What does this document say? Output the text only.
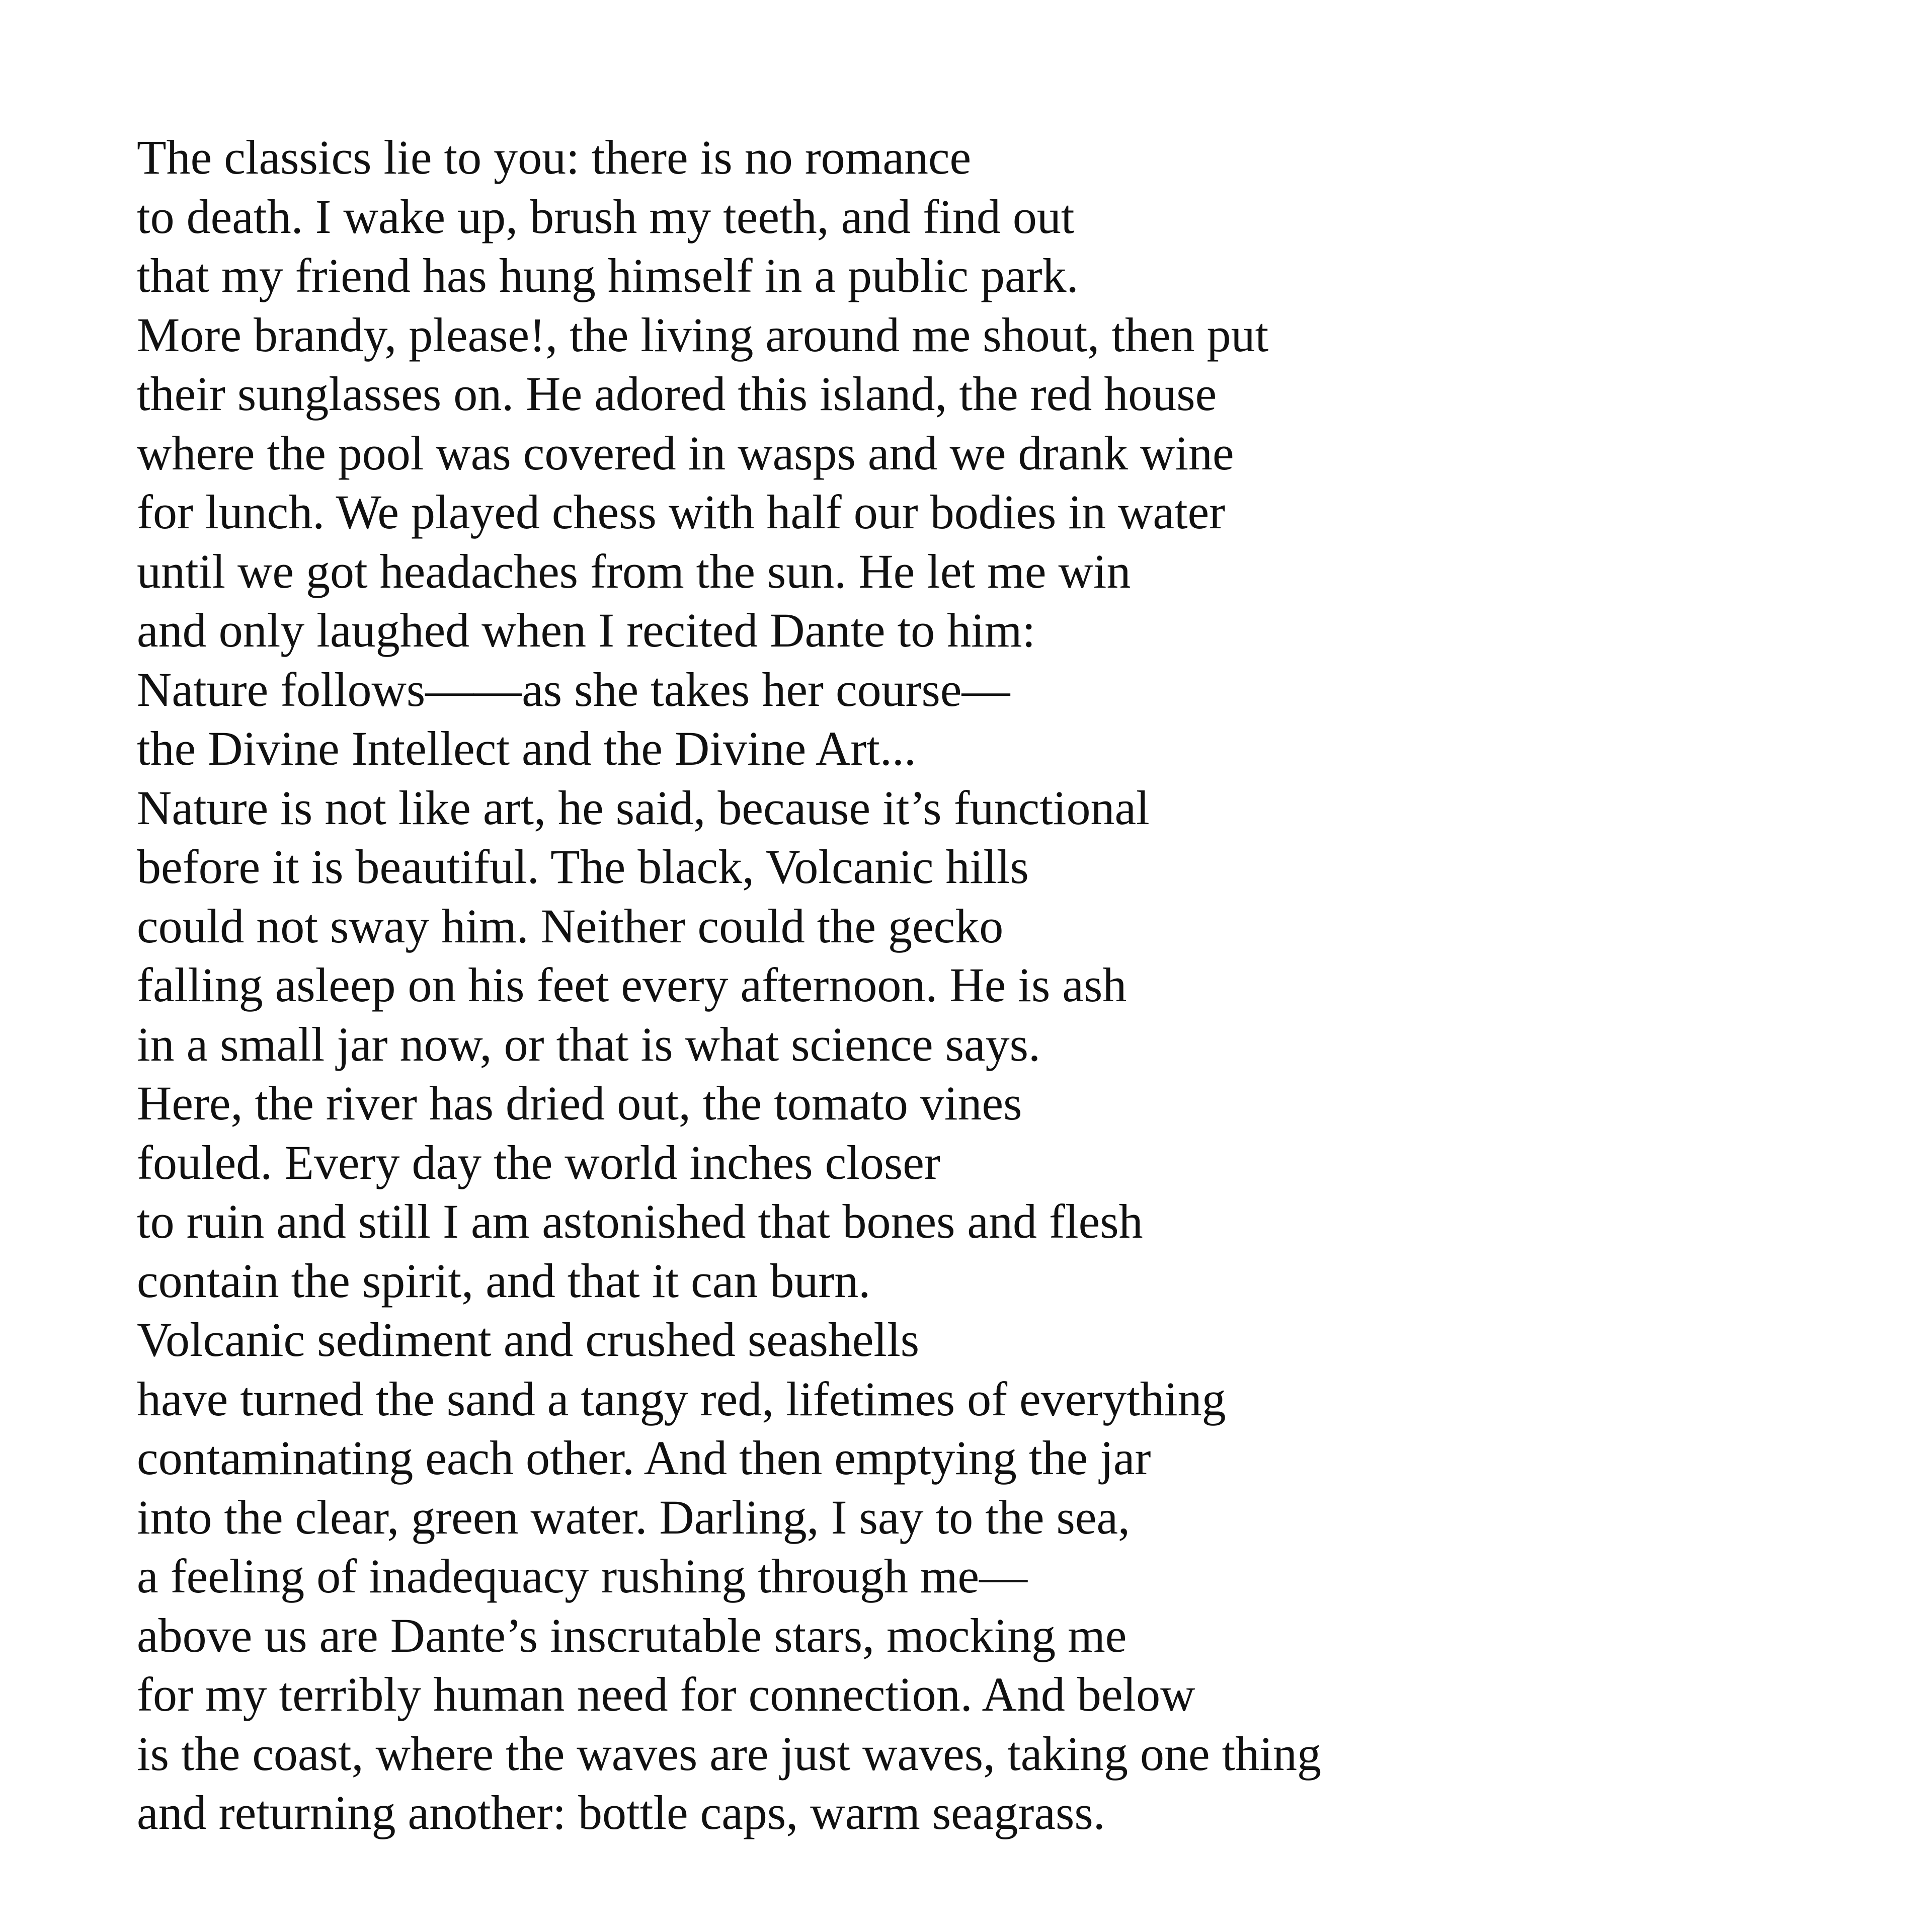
The classics lie to you: there is no romance
to death. I wake up, brush my teeth, and find out
that my friend has hung himself in a public park.
More brandy, please!, the living around me shout, then put
their sunglasses on. He adored this island, the red house
where the pool was covered in wasps and we drank wine
for lunch. We played chess with half our bodies in water
until we got headaches from the sun. He let me win
and only laughed when I recited Dante to him:
Nature follows——as she takes her course—
the Divine Intellect and the Divine Art...
Nature is not like art, he said, because it’s functional
before it is beautiful. The black, Volcanic hills
could not sway him. Neither could the gecko
falling asleep on his feet every afternoon. He is ash
in a small jar now, or that is what science says.
Here, the river has dried out, the tomato vines
fouled. Every day the world inches closer
to ruin and still I am astonished that bones and flesh
contain the spirit, and that it can burn.
Volcanic sediment and crushed seashells
have turned the sand a tangy red, lifetimes of everything
contaminating each other. And then emptying the jar
into the clear, green water. Darling, I say to the sea,
a feeling of inadequacy rushing through me—
above us are Dante’s inscrutable stars, mocking me
for my terribly human need for connection. And below
is the coast, where the waves are just waves, taking one thing
and returning another: bottle caps, warm seagrass.
